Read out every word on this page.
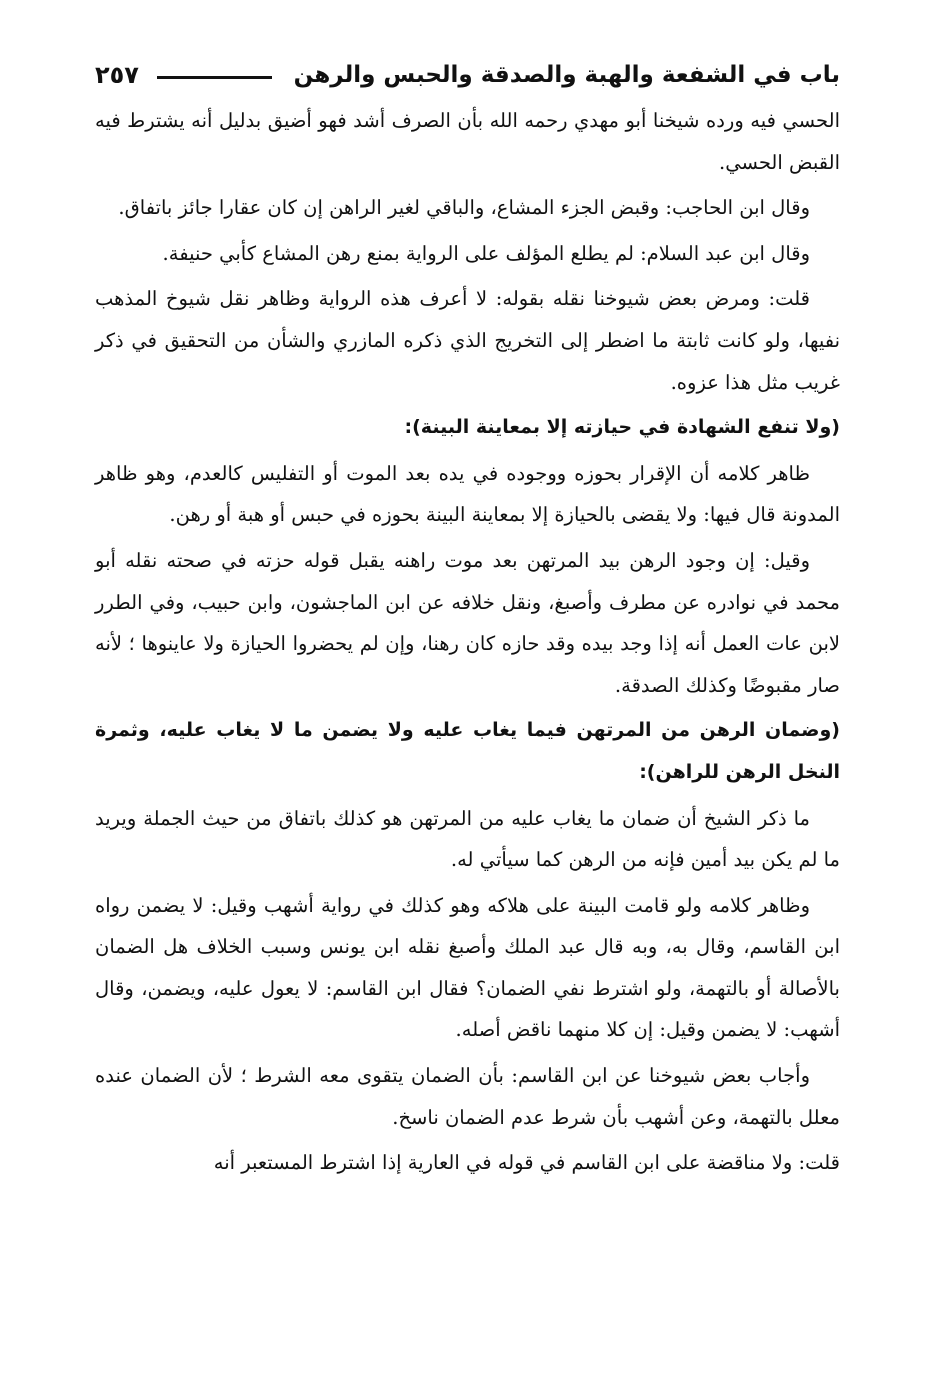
باب في الشفعة والهبة والصدقة والحبس والرهن
٢٥٧

الحسي فيه ورده شيخنا أبو مهدي رحمه الله بأن الصرف أشد فهو أضيق بدليل أنه يشترط فيه القبض الحسي.

وقال ابن الحاجب: وقبض الجزء المشاع، والباقي لغير الراهن إن كان عقارا جائز باتفاق.

وقال ابن عبد السلام: لم يطلع المؤلف على الرواية بمنع رهن المشاع كأبي حنيفة.

قلت: ومرض بعض شيوخنا نقله بقوله: لا أعرف هذه الرواية وظاهر نقل شيوخ المذهب نفيها، ولو كانت ثابتة ما اضطر إلى التخريج الذي ذكره المازري والشأن من التحقيق في ذكر غريب مثل هذا عزوه.

(ولا تنفع الشهادة في حيازته إلا بمعاينة البينة):

ظاهر كلامه أن الإقرار بحوزه ووجوده في يده بعد الموت أو التفليس كالعدم، وهو ظاهر المدونة قال فيها: ولا يقضى بالحيازة إلا بمعاينة البينة بحوزه في حبس أو هبة أو رهن.

وقيل: إن وجود الرهن بيد المرتهن بعد موت راهنه يقبل قوله حزته في صحته نقله أبو محمد في نوادره عن مطرف وأصبغ، ونقل خلافه عن ابن الماجشون، وابن حبيب، وفي الطرر لابن عات العمل أنه إذا وجد بيده وقد حازه كان رهنا، وإن لم يحضروا الحيازة ولا عاينوها ؛ لأنه صار مقبوضًا وكذلك الصدقة.

(وضمان الرهن من المرتهن فيما يغاب عليه ولا يضمن ما لا يغاب عليه، وثمرة النخل الرهن للراهن):

ما ذكر الشيخ أن ضمان ما يغاب عليه من المرتهن هو كذلك باتفاق من حيث الجملة ويريد ما لم يكن بيد أمين فإنه من الرهن كما سيأتي له.

وظاهر كلامه ولو قامت البينة على هلاكه وهو كذلك في رواية أشهب وقيل: لا يضمن رواه ابن القاسم، وقال به، وبه قال عبد الملك وأصبغ نقله ابن يونس وسبب الخلاف هل الضمان بالأصالة أو بالتهمة، ولو اشترط نفي الضمان؟ فقال ابن القاسم: لا يعول عليه، ويضمن، وقال أشهب: لا يضمن وقيل: إن كلا منهما ناقض أصله.

وأجاب بعض شيوخنا عن ابن القاسم: بأن الضمان يتقوى معه الشرط ؛ لأن الضمان عنده معلل بالتهمة، وعن أشهب بأن شرط عدم الضمان ناسخ.

قلت: ولا مناقضة على ابن القاسم في قوله في العارية إذا اشترط المستعبر أنه
